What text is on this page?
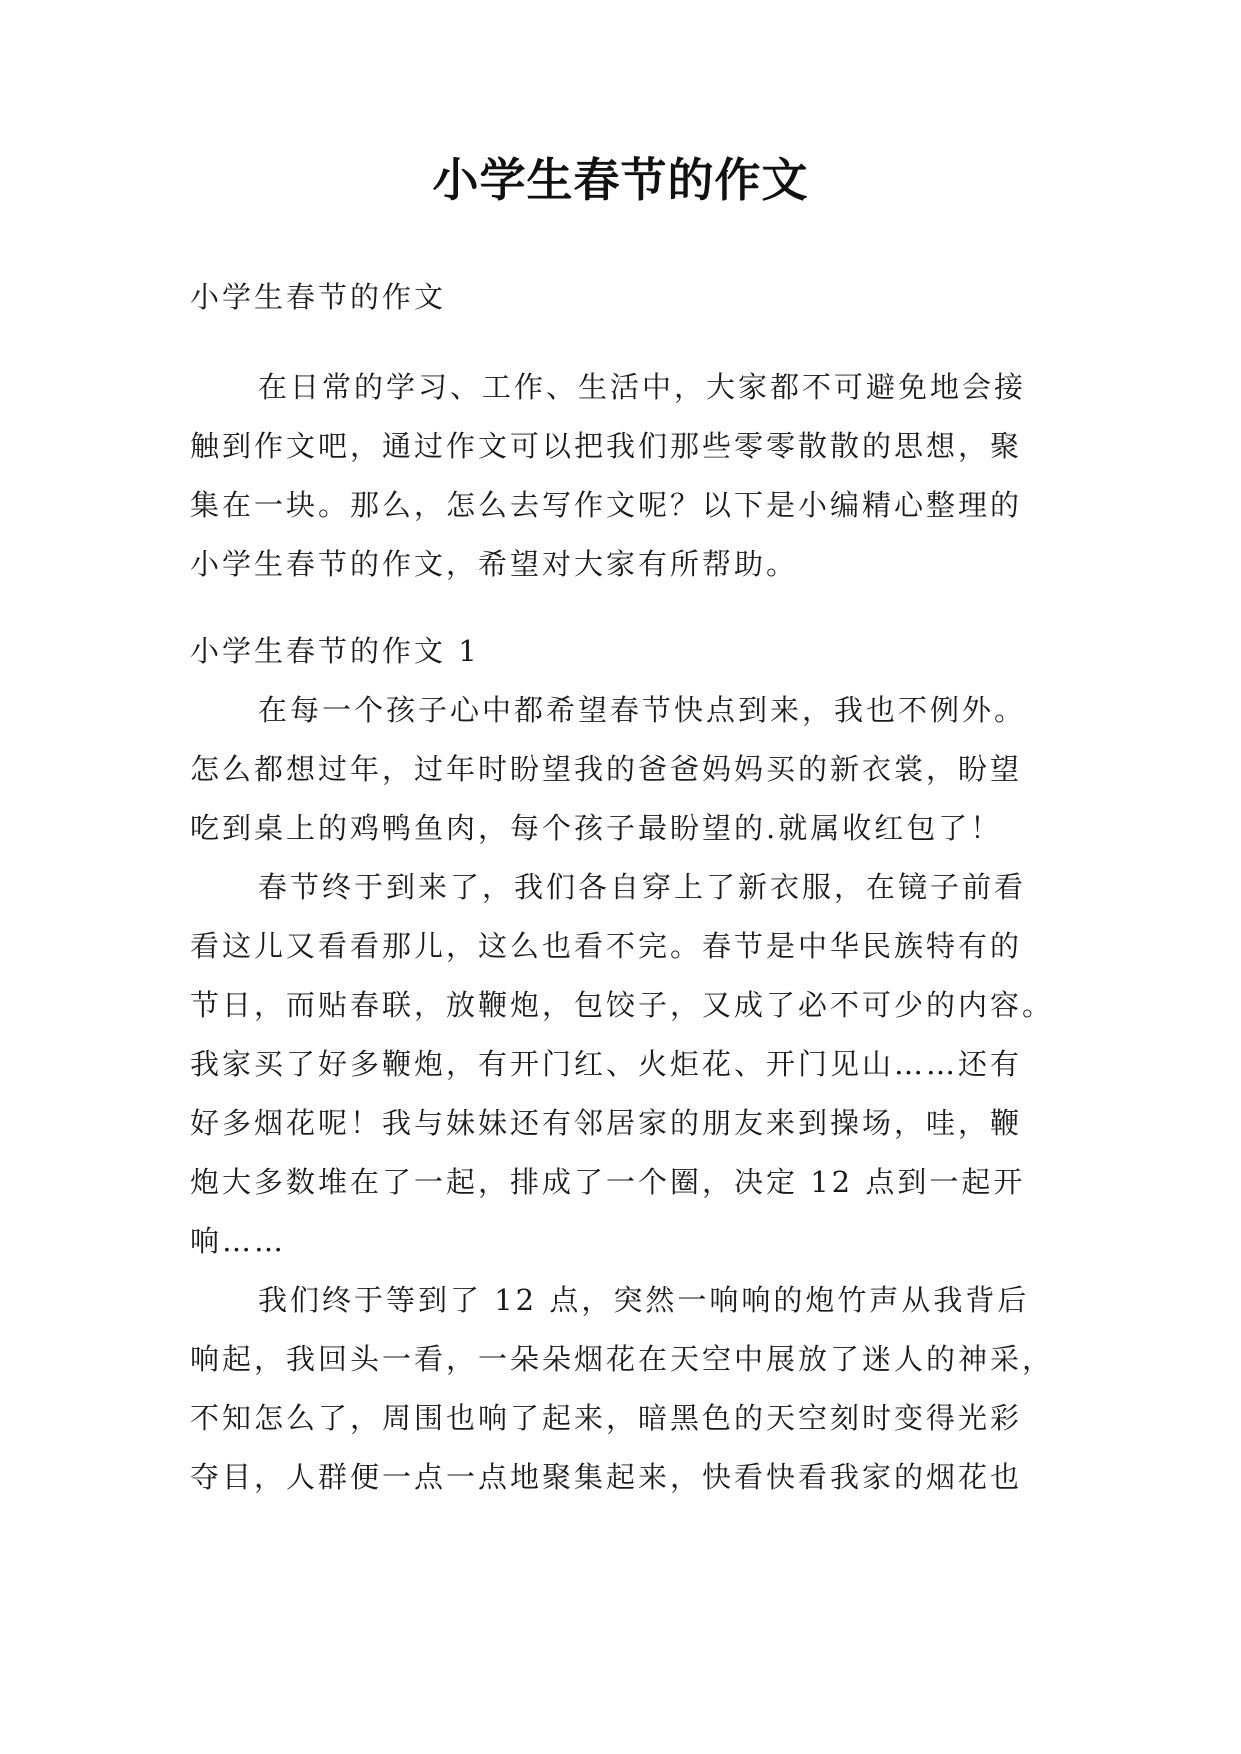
小学生春节的作文
小学生春节的作文
在日常的学习、工作、生活中，大家都不可避免地会接
触到作文吧，通过作文可以把我们那些零零散散的思想，聚
集在一块。那么，怎么去写作文呢？以下是小编精心整理的
小学生春节的作文，希望对大家有所帮助。
小学生春节的作文 1
在每一个孩子心中都希望春节快点到来，我也不例外。
怎么都想过年，过年时盼望我的爸爸妈妈买的新衣裳，盼望
吃到桌上的鸡鸭鱼肉，每个孩子最盼望的.就属收红包了！
春节终于到来了，我们各自穿上了新衣服，在镜子前看
看这儿又看看那儿，这么也看不完。春节是中华民族特有的
节日，而贴春联，放鞭炮，包饺子，又成了必不可少的内容。
我家买了好多鞭炮，有开门红、火炬花、开门见山……还有
好多烟花呢！我与妹妹还有邻居家的朋友来到操场，哇，鞭
炮大多数堆在了一起，排成了一个圈，决定 12 点到一起开
响……
我们终于等到了 12 点，突然一响响的炮竹声从我背后
响起，我回头一看，一朵朵烟花在天空中展放了迷人的神采，
不知怎么了，周围也响了起来，暗黑色的天空刻时变得光彩
夺目，人群便一点一点地聚集起来，快看快看我家的烟花也
